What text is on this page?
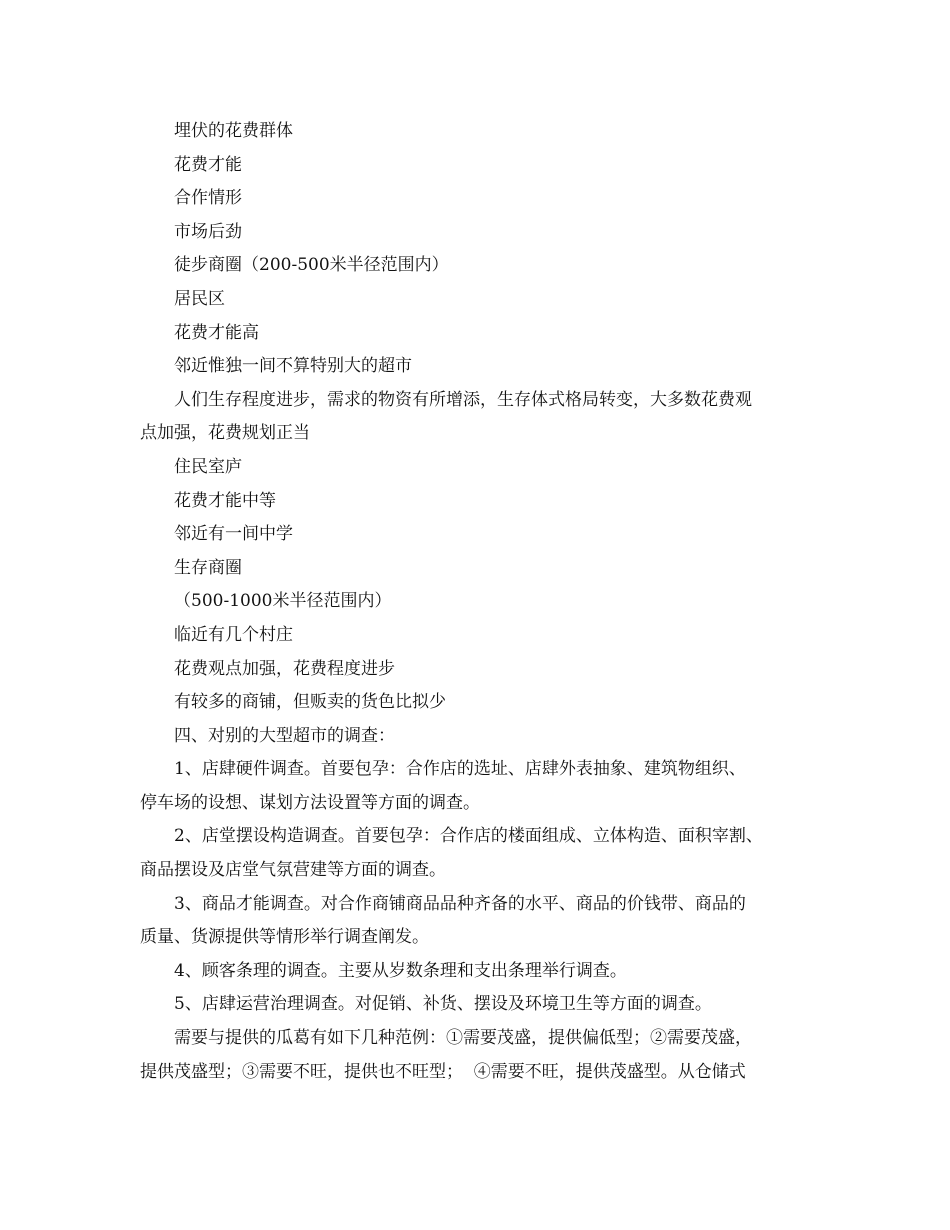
埋伏的花费群体
花费才能
合作情形
市场后劲
徒步商圈（200-500米半径范围内）
居民区
花费才能高
邻近惟独一间不算特别大的超市
人们生存程度进步，需求的物资有所增添，生存体式格局转变，大多数花费观
点加强，花费规划正当
住民室庐
花费才能中等
邻近有一间中学
生存商圈
（500-1000米半径范围内）
临近有几个村庄
花费观点加强，花费程度进步
有较多的商铺，但贩卖的货色比拟少
四、对别的大型超市的调查：
1、店肆硬件调查。首要包孕：合作店的选址、店肆外表抽象、建筑物组织、
停车场的设想、谋划方法设置等方面的调查。
2、店堂摆设构造调查。首要包孕：合作店的楼面组成、立体构造、面积宰割、
商品摆设及店堂气氛营建等方面的调查。
3、商品才能调查。对合作商铺商品品种齐备的水平、商品的价钱带、商品的
质量、货源提供等情形举行调查阐发。
4、顾客条理的调查。主要从岁数条理和支出条理举行调查。
5、店肆运营治理调查。对促销、补货、摆设及环境卫生等方面的调查。
需要与提供的瓜葛有如下几种范例：①需要茂盛，提供偏低型；②需要茂盛，
提供茂盛型；③需要不旺，提供也不旺型；  ④需要不旺，提供茂盛型。从仓储式
